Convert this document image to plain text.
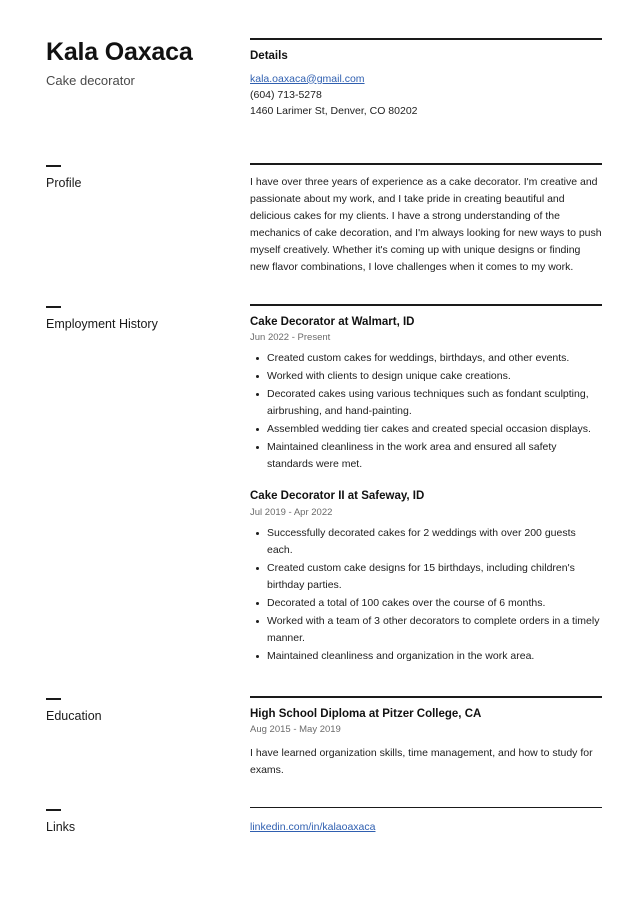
Kala Oaxaca
Cake decorator
Details
kala.oaxaca@gmail.com
(604) 713-5278
1460 Larimer St, Denver, CO 80202
Profile	I have over three years of experience as a cake decorator. I'm creative and passionate about my work, and I take pride in creating beautiful and delicious cakes for my clients. I have a strong understanding of the mechanics of cake decoration, and I'm always looking for new ways to push myself creatively. Whether it's coming up with unique designs or finding new flavor combinations, I love challenges when it comes to my work.
Employment History	Cake Decorator at Walmart, ID
Jun 2022 - Present
Created custom cakes for weddings, birthdays, and other events.
Worked with clients to design unique cake creations.
Decorated cakes using various techniques such as fondant sculpting, airbrushing, and hand-painting.
Assembled wedding tier cakes and created special occasion displays.
Maintained cleanliness in the work area and ensured all safety standards were met.
Cake Decorator II at Safeway, ID
Jul 2019 - Apr 2022
Successfully decorated cakes for 2 weddings with over 200 guests each.
Created custom cake designs for 15 birthdays, including children's birthday parties.
Decorated a total of 100 cakes over the course of 6 months.
Worked with a team of 3 other decorators to complete orders in a timely manner.
Maintained cleanliness and organization in the work area.
Education	High School Diploma at Pitzer College, CA
Aug 2015 - May 2019
I have learned organization skills, time management, and how to study for exams.
Links	linkedin.com/in/kalaoaxaca
